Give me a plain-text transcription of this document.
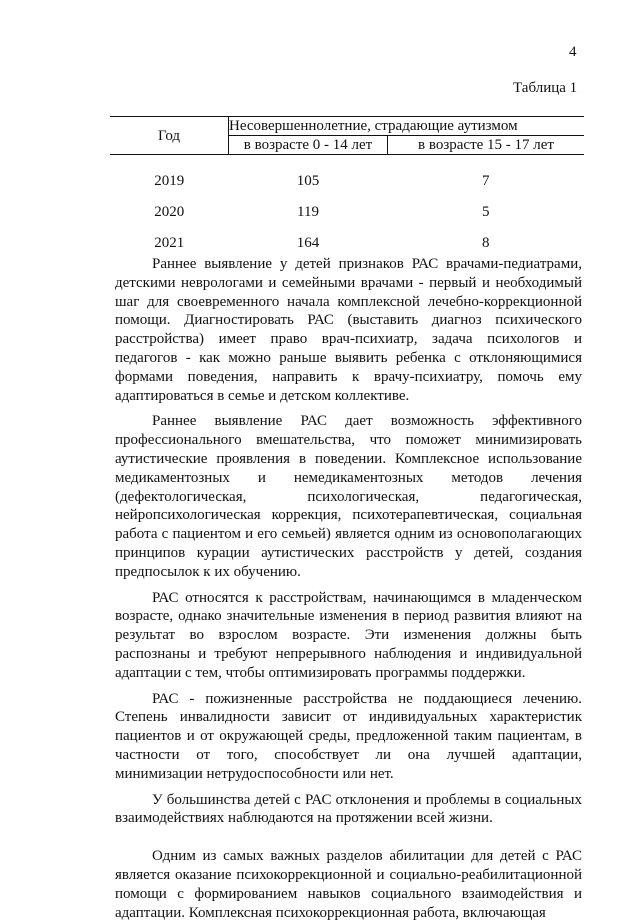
4
Таблица 1
Год	Несовершеннолетние, страдающие аутизмом	
	в возрасте 0 - 14 лет	в возрасте 15 - 17 лет

2019	105	7
2020	119	5
2021	164	8

Раннее выявление у детей признаков РАС врачами-педиатрами, детскими неврологами и семейными врачами - первый и необходимый шаг для своевременного начала комплексной лечебно-коррекционной помощи. Диагностировать РАС (выставить диагноз психического расстройства) имеет право врач-психиатр, задача психологов и педагогов - как можно раньше выявить ребенка с отклоняющимися формами поведения, направить к врачу-психиатру, помочь ему адаптироваться в семье и детском коллективе.

Раннее выявление РАС дает возможность эффективного профессионального вмешательства, что поможет минимизировать аутистические проявления в поведении. Комплексное использование медикаментозных и немедикаментозных методов лечения (дефектологическая, психологическая, педагогическая, нейропсихологическая коррекция, психотерапевтическая, социальная работа с пациентом и его семьей) является одним из основополагающих принципов курации аутистических расстройств у детей, создания предпосылок к их обучению.

РАС относятся к расстройствам, начинающимся в младенческом возрасте, однако значительные изменения в период развития влияют на результат во взрослом возрасте. Эти изменения должны быть распознаны и требуют непрерывного наблюдения и индивидуальной адаптации с тем, чтобы оптимизировать программы поддержки.

РАС - пожизненные расстройства не поддающиеся лечению. Степень инвалидности зависит от индивидуальных характеристик пациентов и от окружающей среды, предложенной таким пациентам, в частности от того, способствует ли она лучшей адаптации, минимизации нетрудоспособности или нет.

У большинства детей с РАС отклонения и проблемы в социальных взаимодействиях наблюдаются на протяжении всей жизни.

Одним из самых важных разделов абилитации для детей с РАС является оказание психокоррекционной и социально-реабилитационной помощи с формированием навыков социального взаимодействия и адаптации. Комплексная психокоррекционная работа, включающая
